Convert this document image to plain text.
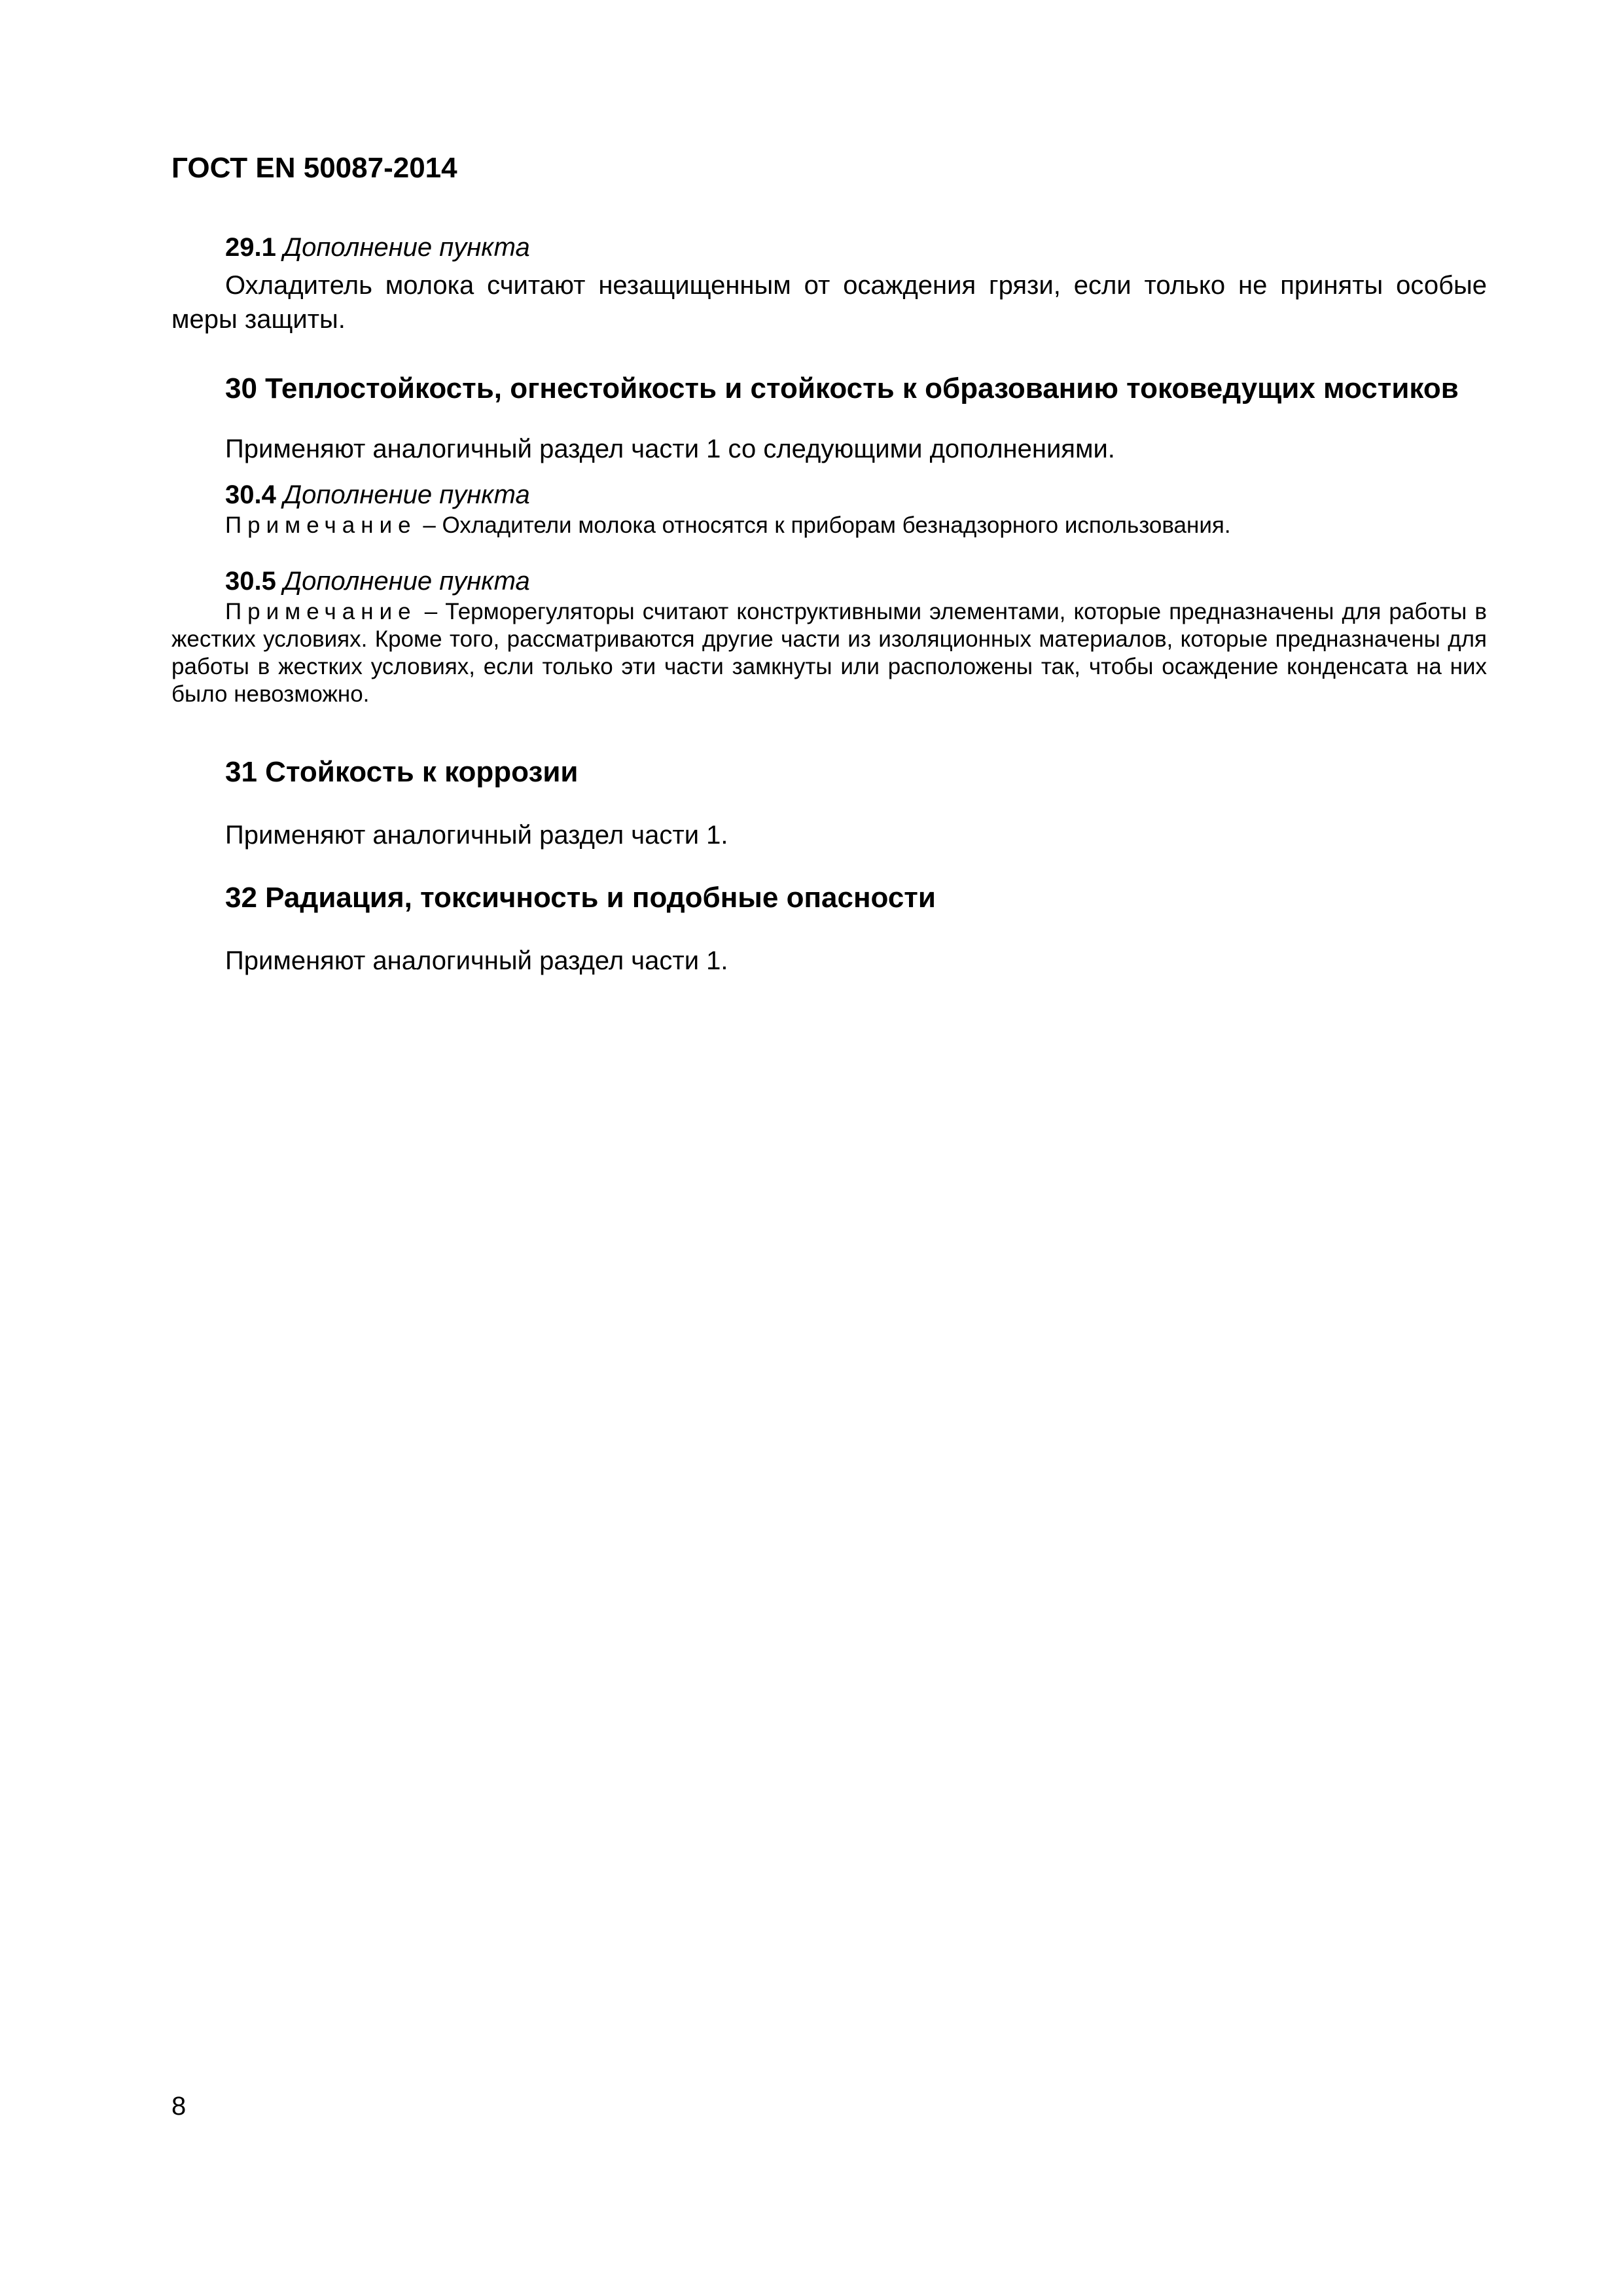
ГОСТ EN 50087-2014

29.1 Дополнение пункта

Охладитель молока считают незащищенным от осаждения грязи, если только не приняты особые меры защиты.

30 Теплостойкость, огнестойкость и стойкость к образованию токоведущих мостиков

Применяют аналогичный раздел части 1 со следующими дополнениями.

30.4 Дополнение пункта

Примечание – Охладители молока относятся к приборам безнадзорного использования.

30.5 Дополнение пункта

Примечание – Терморегуляторы считают конструктивными элементами, которые предназначены для работы в жестких условиях. Кроме того, рассматриваются другие части из изоляционных материалов, которые предназначены для работы в жестких условиях, если только эти части замкнуты или расположены так, чтобы осаждение конденсата на них было невозможно.

31 Стойкость к коррозии

Применяют аналогичный раздел части 1.

32 Радиация, токсичность и подобные опасности

Применяют аналогичный раздел части 1.

8
